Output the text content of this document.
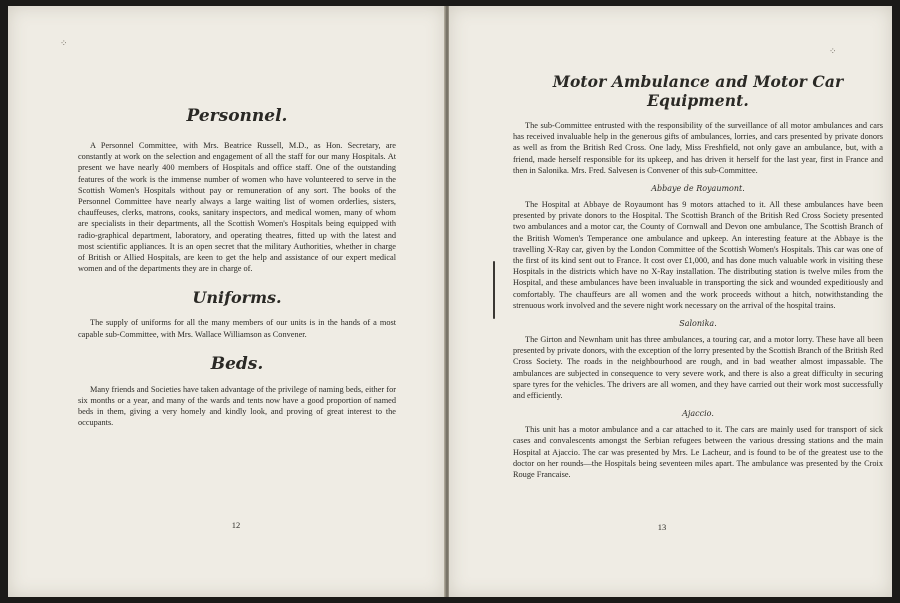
⁘
Personnel.

A Personnel Committee, with Mrs. Beatrice Russell, M.D., as Hon. Secretary, are constantly at work on the selection and engagement of all the staff for our many Hospitals. At present we have nearly 400 members of Hospitals and office staff. One of the outstanding features of the work is the immense number of women who have volunteered to serve in the Scottish Women's Hospitals without pay or remuneration of any sort. The books of the Personnel Committee have nearly always a large waiting list of women orderlies, sisters, chauffeuses, clerks, matrons, cooks, sanitary inspectors, and medical women, many of whom are specialists in their departments, all the Scottish Women's Hospitals being equipped with radio-graphical department, laboratory, and operating theatres, fitted up with the latest and most scientific appliances. It is an open secret that the military Authorities, whether in charge of British or Allied Hospitals, are keen to get the help and assistance of our expert medical women and of the departments they are in charge of.

Uniforms.

The supply of uniforms for all the many members of our units is in the hands of a most capable sub-Committee, with Mrs. Wallace Williamson as Convener.

Beds.

Many friends and Societies have taken advantage of the privilege of naming beds, either for six months or a year, and many of the wards and tents now have a good proportion of named beds in them, giving a very homely and kindly look, and proving of great interest to the occupants.

12
⁘
Motor Ambulance and Motor Car Equipment.

The sub-Committee entrusted with the responsibility of the surveillance of all motor ambulances and cars has received invaluable help in the generous gifts of ambulances, lorries, and cars presented by private donors as well as from the British Red Cross. One lady, Miss Freshfield, not only gave an ambulance, but, with a friend, made herself responsible for its upkeep, and has driven it herself for the last year, first in France and then in Salonika. Mrs. Fred. Salvesen is Convener of this sub-Committee.

Abbaye de Royaumont.

The Hospital at Abbaye de Royaumont has 9 motors attached to it. All these ambulances have been presented by private donors to the Hospital. The Scottish Branch of the British Red Cross Society presented two ambulances and a motor car, the County of Cornwall and Devon one ambulance, The Scottish Branch of the British Women's Temperance one ambulance and upkeep. An interesting feature at the Abbaye is the travelling X-Ray car, given by the London Committee of the Scottish Women's Hospitals. This car was one of the first of its kind sent out to France. It cost over £1,000, and has done much valuable work in visiting these Hospitals in the districts which have no X-Ray installation. The distributing station is twelve miles from the Hospital, and these ambulances have been invaluable in transporting the sick and wounded expeditiously and comfortably. The chauffeurs are all women and the work proceeds without a hitch, notwithstanding the strenuous work involved and the severe night work necessary on the arrival of the hospital trains.

Salonika.

The Girton and Newnham unit has three ambulances, a touring car, and a motor lorry. These have all been presented by private donors, with the exception of the lorry presented by the Scottish Branch of the British Red Cross Society. The roads in the neighbourhood are rough, and in bad weather almost impassable. The ambulances are subjected in consequence to very severe work, and there is also a great difficulty in securing spare tyres for the vehicles. The drivers are all women, and they have carried out their work most successfully and efficiently.

Ajaccio.

This unit has a motor ambulance and a car attached to it. The cars are mainly used for transport of sick cases and convalescents amongst the Serbian refugees between the various dressing stations and the main Hospital at Ajaccio. The car was presented by Mrs. Le Lacheur, and is found to be of the greatest use to the doctor on her rounds—the Hospitals being seventeen miles apart. The ambulance was presented by the Croix Rouge Francaise.

13
